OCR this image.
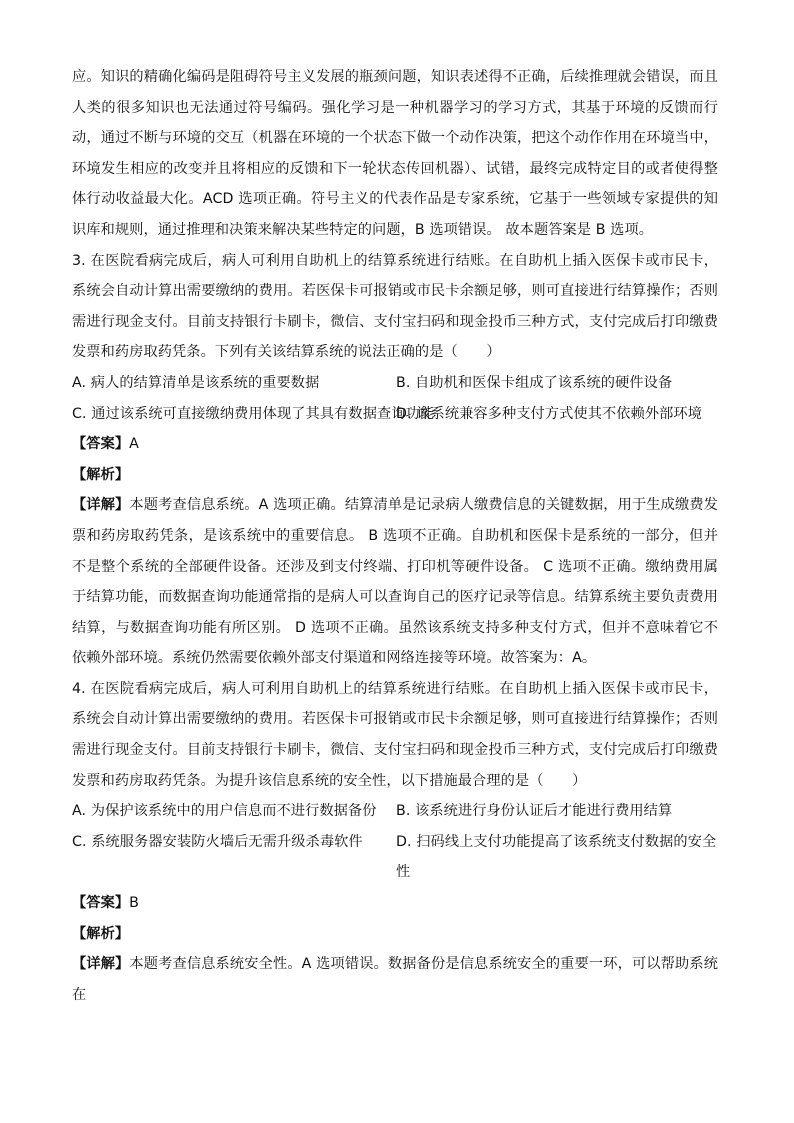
应。知识的精确化编码是阻碍符号主义发展的瓶颈问题，知识表述得不正确，后续推理就会错误，而且人类的很多知识也无法通过符号编码。强化学习是一种机器学习的学习方式，其基于环境的反馈而行动，通过不断与环境的交互（机器在环境的一个状态下做一个动作决策，把这个动作作用在环境当中，环境发生相应的改变并且将相应的反馈和下一轮状态传回机器）、试错，最终完成特定目的或者使得整体行动收益最大化。ACD 选项正确。符号主义的代表作品是专家系统，它基于一些领域专家提供的知识库和规则，通过推理和决策来解决某些特定的问题，B 选项错误。 故本题答案是 B 选项。

3. 在医院看病完成后，病人可利用自助机上的结算系统进行结账。在自助机上插入医保卡或市民卡，系统会自动计算出需要缴纳的费用。若医保卡可报销或市民卡余额足够，则可直接进行结算操作；否则需进行现金支付。目前支持银行卡刷卡，微信、支付宝扫码和现金投币三种方式，支付完成后打印缴费发票和药房取药凭条。下列有关该结算系统的说法正确的是（　　）

A. 病人的结算清单是该系统的重要数据	B. 自助机和医保卡组成了该系统的硬件设备
C. 通过该系统可直接缴纳费用体现了其具有数据查询功能
D. 该系统兼容多种支付方式使其不依赖外部环境

【答案】A

【解析】

【详解】本题考查信息系统。A 选项正确。结算清单是记录病人缴费信息的关键数据，用于生成缴费发票和药房取药凭条，是该系统中的重要信息。 B 选项不正确。自助机和医保卡是系统的一部分，但并不是整个系统的全部硬件设备。还涉及到支付终端、打印机等硬件设备。 C 选项不正确。缴纳费用属于结算功能，而数据查询功能通常指的是病人可以查询自己的医疗记录等信息。结算系统主要负责费用结算，与数据查询功能有所区别。 D 选项不正确。虽然该系统支持多种支付方式，但并不意味着它不依赖外部环境。系统仍然需要依赖外部支付渠道和网络连接等环境。故答案为：A。

4. 在医院看病完成后，病人可利用自助机上的结算系统进行结账。在自助机上插入医保卡或市民卡，系统会自动计算出需要缴纳的费用。若医保卡可报销或市民卡余额足够，则可直接进行结算操作；否则需进行现金支付。目前支持银行卡刷卡，微信、支付宝扫码和现金投币三种方式，支付完成后打印缴费发票和药房取药凭条。为提升该信息系统的安全性，以下措施最合理的是（　　）

A. 为保护该系统中的用户信息而不进行数据备份	B. 该系统进行身份认证后才能进行费用结算
C. 系统服务器安装防火墙后无需升级杀毒软件	D. 扫码线上支付功能提高了该系统支付数据的安全性

【答案】B

【解析】

【详解】本题考查信息系统安全性。A 选项错误。数据备份是信息系统安全的重要一环，可以帮助系统在
